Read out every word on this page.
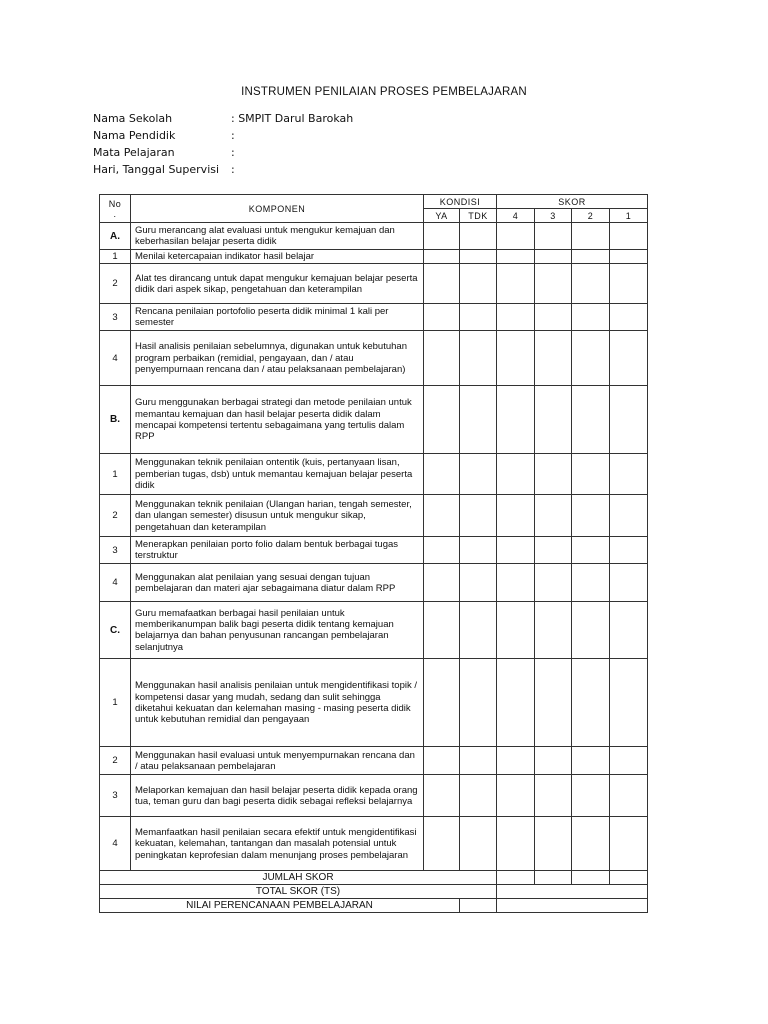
INSTRUMEN PENILAIAN PROSES PEMBELAJARAN
Nama Sekolah	: SMPIT Darul Barokah
Nama Pendidik	:
Mata Pelajaran	:
Hari, Tanggal Supervisi :
No
.	KOMPONEN	KONDISI		SKOR			
		YA	TDK	4	3	2	1
A.	Guru merancang alat evaluasi untuk mengukur kemajuan dan keberhasilan belajar peserta didik						
1	Menilai ketercapaian indikator hasil belajar						
2	Alat tes dirancang untuk dapat mengukur kemajuan belajar peserta didik dari aspek sikap, pengetahuan dan keterampilan						
3	Rencana penilaian portofolio peserta didik minimal 1 kali per semester						
4	Hasil analisis penilaian sebelumnya, digunakan untuk kebutuhan program perbaikan (remidial, pengayaan, dan / atau penyempurnaan rencana dan / atau pelaksanaan pembelajaran)						
B.	Guru menggunakan berbagai strategi dan metode penilaian untuk memantau kemajuan dan hasil belajar peserta didik dalam mencapai kompetensi tertentu sebagaimana yang tertulis dalam RPP						
1	Menggunakan teknik penilaian ontentik (kuis, pertanyaan lisan, pemberian tugas, dsb) untuk memantau kemajuan belajar peserta didik						
2	Menggunakan teknik penilaian (Ulangan harian, tengah semester, dan ulangan semester) disusun untuk mengukur sikap, pengetahuan dan keterampilan						
3	Menerapkan penilaian porto folio dalam bentuk berbagai tugas terstruktur						
4	Menggunakan alat penilaian yang sesuai dengan tujuan pembelajaran dan materi ajar sebagaimana diatur dalam RPP						
C.	Guru memafaatkan berbagai hasil penilaian untuk memberikanumpan balik bagi peserta didik tentang kemajuan belajarnya dan bahan penyusunan rancangan pembelajaran selanjutnya						
1	Menggunakan hasil analisis penilaian untuk mengidentifikasi topik / kompetensi dasar yang mudah, sedang dan sulit sehingga diketahui kekuatan dan kelemahan masing - masing peserta didik untuk kebutuhan remidial dan pengayaan						
2	Menggunakan hasil evaluasi untuk menyempurnakan rencana dan / atau pelaksanaan pembelajaran						
3	Melaporkan kemajuan dan hasil belajar peserta didik kepada orang tua, teman guru dan bagi peserta didik sebagai refleksi belajarnya						
4	Memanfaatkan hasil penilaian secara efektif untuk mengidentifikasi kekuatan, kelemahan, tantangan dan masalah potensial untuk peningkatan keprofesian dalam menunjang proses pembelajaran						
JUMLAH SKOR							
TOTAL SKOR (TS)							
NILAI PERENCANAAN PEMBELAJARAN							
